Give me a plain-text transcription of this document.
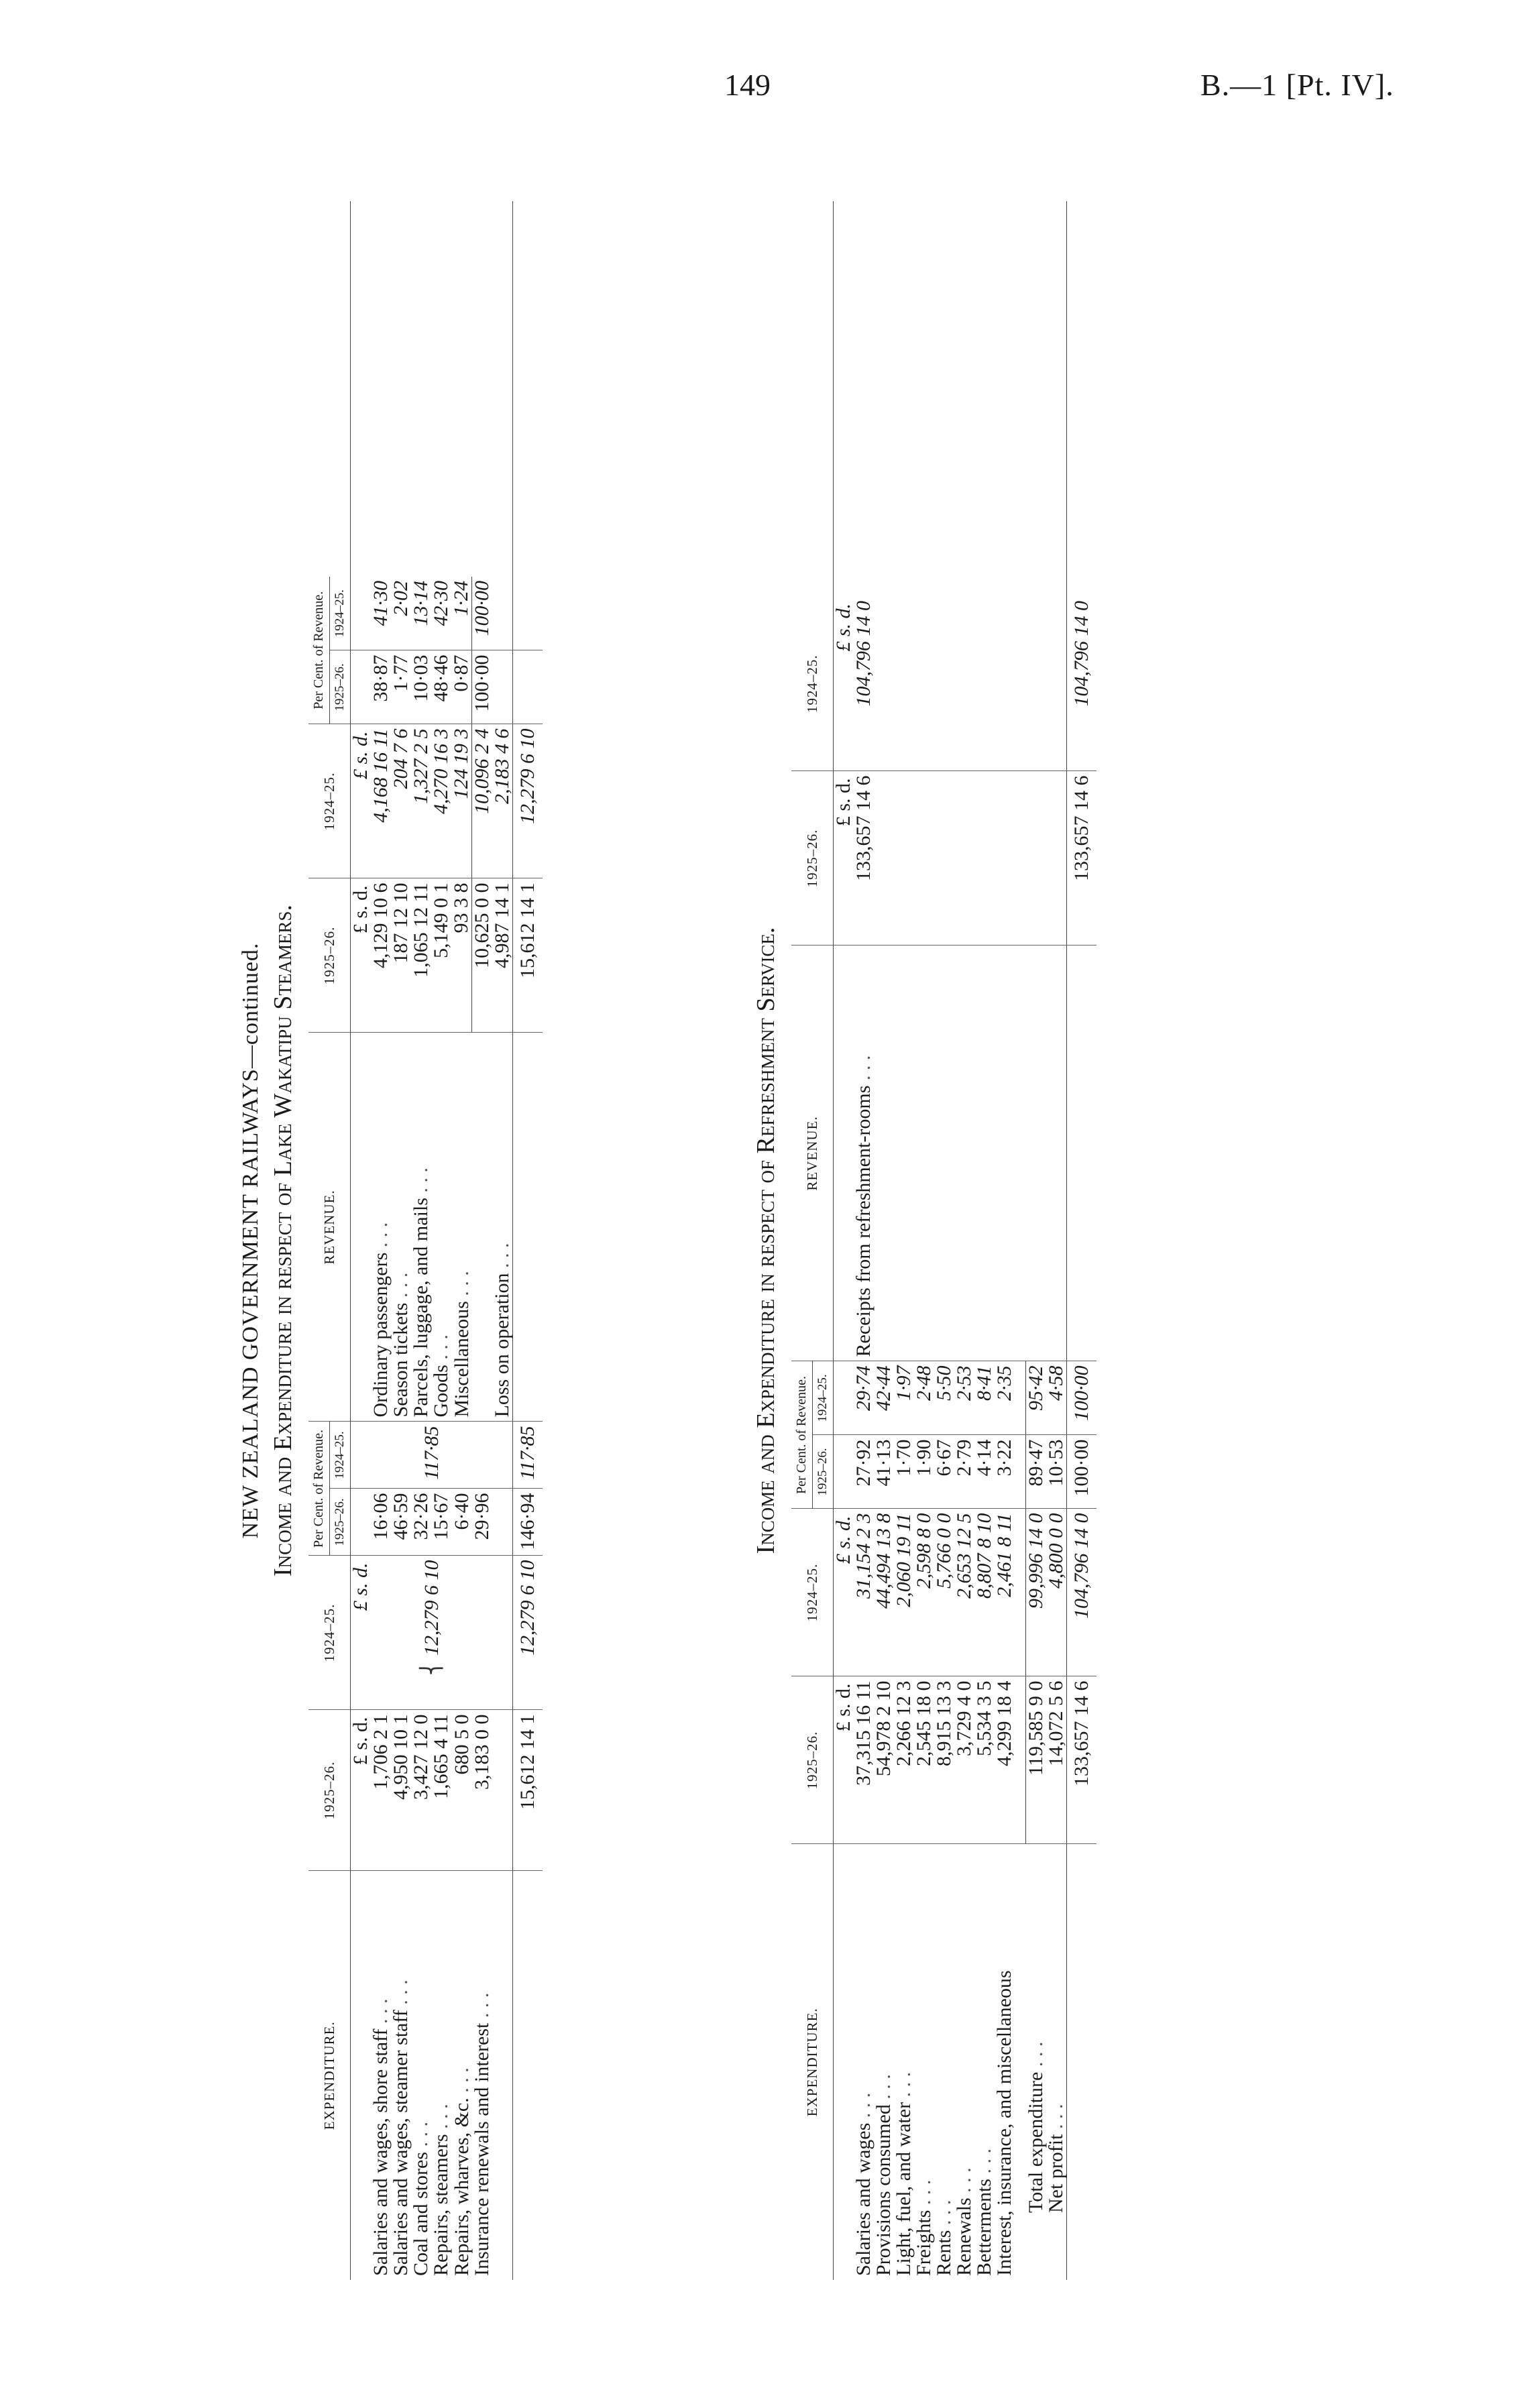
149	B.—1 [Pt. IV].
NEW ZEALAND GOVERNMENT RAILWAYS—continued. Income and Expenditure in respect of Lake Wakatipu Steamers.
EXPENDITURE.	1925–26.	1924–25.	Per Cent. of Revenue.		REVENUE.	1925–26.	1924–25.	Per Cent. of Revenue.		
			1925–26.	1924–25.				1925–26.	1924–25.	
	£ s. d.	£ s. d.				£ s. d.	£ s. d.			
Salaries and wages, shore staff . .	1,706 2 1	⎨ 12,279 6 10	16·06	117·85	Ordinary passengers . .	4,129 10 6	4,168 16 11	38·87	41·30	
Salaries and wages, steamer staff . .	4,950 10 1		46·59		Season tickets . .	187 12 10	204 7 6	1·77	2·02	
Coal and stores . .	3,427 12 0		32·26		Parcels, luggage, and mails . .	1,065 12 11	1,327 2 5	10·03	13·14	
Repairs, steamers . .	1,665 4 11		15·67		Goods . .	5,149 0 1	4,270 16 3	48·46	42·30	
Repairs, wharves, &c. . .	680 5 0		6·40		Miscellaneous . .	93 3 8	124 19 3	0·87	1·24	
Insurance renewals and interest . .	3,183 0 0		29·96			10,625 0 0	10,096 2 4	100·00	100·00	
					Loss on operation . .	4,987 14 1	2,183 4 6			
	15,612 14 1	12,279 6 10	146·94	117·85		15,612 14 1	12,279 6 10			
Income and Expenditure in respect of Refreshment Service.
EXPENDITURE.	1925–26.	1924–25.	Per Cent. of Revenue.		REVENUE.	1925–26.	1924–25.	
			1925–26.	1924–25.				
	£ s. d.	£ s. d.				£ s. d.	£ s. d.	
Salaries and wages . .	37,315 16 11	31,154 2 3	27·92	29·74	Receipts from refreshment-rooms . .	133,657 14 6	104,796 14 0	
Provisions consumed . .	54,978 2 10	44,494 13 8	41·13	42·44				
Light, fuel, and water . .	2,266 12 3	2,060 19 11	1·70	1·97				
Freights . .	2,545 18 0	2,598 8 0	1·90	2·48				
Rents . .	8,915 13 3	5,766 0 0	6·67	5·50				
Renewals . .	3,729 4 0	2,653 12 5	2·79	2·53				
Betterments . .	5,534 3 5	8,807 8 10	4·14	8·41				
Interest, insurance, and miscellaneous	4,299 18 4	2,461 8 11	3·22	2·35				

Total expenditure . .	119,585 9 0	99,996 14 0	89·47	95·42				
Net profit . .	14,072 5 6	4,800 0 0	10·53	4·58				
	133,657 14 6	104,796 14 0	100·00	100·00		133,657 14 6	104,796 14 0	
